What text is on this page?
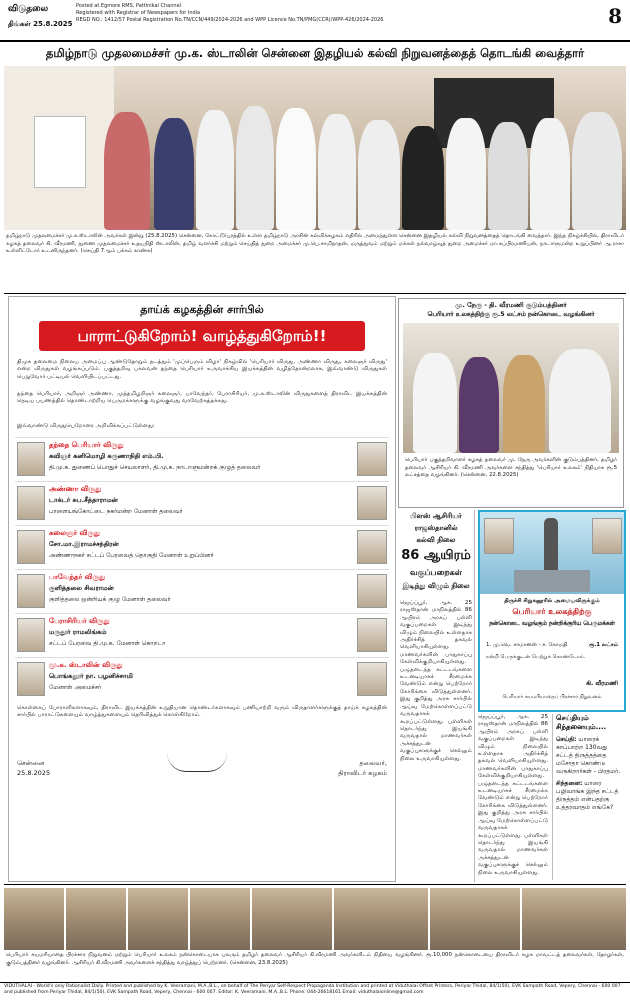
விடுதலை
திங்கள் 25.8.2025
Posted at Egmore RMS, Pattinikai Channel
Registered with Registrar of Newspapers for India
REGD NO.: 1412/57 Postal Registration No.TN/CCN/449/2024-2026 and WPP Licence No.TN/PMG(CCR)/WPP-426/2024-2026	8
தமிழ்நாடு முதலமைச்சர் மு.க. ஸ்டாலின் சென்னை இதழியல் கல்வி நிறுவனத்தைத் தொடங்கி வைத்தார்
தமிழ்நாடு முதலமைச்சர் மு.க.ஸ்டாலின் அவர்கள் இன்று (25.8.2025) சென்னை, கோட்டூர்புரத்தில் உள்ள தமிழ்நாடு அரசின் கல்விக்கழகம் எதிரில் அமைந்துள்ள சென்னை இதழியல் கல்வி நிறுவனத்தைத் தொடங்கி வைத்தார். இந்த நிகழ்ச்சியில், திராவிடர் கழகத் தலைவர் கி. வீரமணி, துணை முதலமைச்சர் உதயநிதி ஸ்டாலின், தமிழ் வளர்ச்சி மற்றும் செய்தித் துறை அமைச்சர் மு.பெ.சாமிநாதன், மருத்துவம் மற்றும் மக்கள் நல்வாழ்வுத் துறை அமைச்சர் மா.சுப்பிரமணியன், நாடாளுமன்ற உறுப்பினர் ஆ.ராசா உள்ளிட்டோர் உடனிருந்தனர். (செய்தி 7ஆம் பக்கம் காண்க)
தாய்க் கழகத்தின் சார்பில்
பாராட்டுகிறோம்! வாழ்த்துகிறோம்!!
திமுக தலைமை நிலைய அமைப்பு ஆண்டுதோறும் நடத்தும் 'முப்பெரும் விழா' நிகழ்வில் 'பெரியார் விருது, அண்ணா விருது, கலைஞர் விருது' என்ற விருதுகள் வழங்கப்படும். பகுத்தறிவு பகலவன் தந்தை பெரியார் உருவாக்கிய இயக்கத்தின் வழித்தோன்றலாக, இவ்வாண்டு விருதுகள் பெறுவோர் பட்டியல் வெளியிடப்பட்டது.
தந்தை பெரியார், அறிஞர் அண்ணா, முத்தமிழறிஞர் கலைஞர், பாவேந்தர், பேராசிரியர், மு.க.ஸ்டாலின் விருதுகளைத் திராவிட இயக்கத்தின் நெடிய பயணத்தில் தொண்டாற்றிய பெருமக்களுக்கு வழங்குவது வரவேற்கத்தக்கது.
இவ்வாண்டு விருதுபெறோரை அறிவிக்கப்பட்டுள்ளது:
தந்தை பெரியார் விருது
கவிஞர் கனிமொழி கருணாநிதி எம்.பி.
தி.மு.க. துணைப் பொதுச் செயலாளர், தி.மு.க. நாடாளுமன்றக் குழுத் தலைவர்
அண்ணா விருது
டாக்டர் சுப.சீத்தாராமன்
பாளையங்கோட்டை நகர்மன்ற மேனாள் தலைவர்
கலைஞர் விருது
சோ.மா.இராமச்சந்திரன்
அண்ணாநகர் சட்டப் பேரவைத் தொகுதி மேனாள் உறுப்பினர்
பாவேந்தர் விருது
குளித்தலை சிவராமன்
குளித்தலை ஒன்றியக் குழு மேனாள் தலைவர்
பேராசிரியர் விருது
மருதூர் ராமலிங்கம்
சட்டப் பேரவை தி.மு.க. மேனாள் கொறடா
மு.க. ஸ்டாலின் விருது
பொங்கலூர் நா. பழனிச்சாமி
மேனாள் அமைச்சர்
கொள்கைப் போராளிகளாகவும், திராவிட இயக்கத்தின் உறுதியான தொண்டர்களாகவும் பணியாற்றி வரும் விருதாளர்களுக்குத் தாய்க் கழகத்தின் சார்பில் பாராட்டுகளையும் வாழ்த்துகளையும் தெரிவித்துக் கொள்கிறோம்.
சென்னை
25.8.2025
தலைவர்,
திராவிடர் கழகம்
மு. நேரு - தி. வீரமணி குடும்பத்தினர்
பெரியார் உலகத்திற்கு ரூ.5 லட்சம் நன்கொடை வழங்கினர்
பெரியார் பகுத்தறிவாளர் கழகத் தலைவர் மு. நேரு அவர்களின் குடும்பத்தினர், தமிழர் தலைவர் ஆசிரியர் கி. வீரமணி அவர்களை சந்தித்து 'பெரியார் உலகம்' நிதியாக ரூ.5 லட்சத்தை வழங்கினர். (சென்னை, 22.8.2025)
பிளஸ் ஆசிரியர்
ராஜஸ்தானில்
கல்வி நிலை
86 ஆயிரம்
வகுப்பறைகள்
இடிந்து விழும் நிலை
ஜெய்ப்பூர், ஆக. 25 ராஜஸ்தான் மாநிலத்தில் 86 ஆயிரம் அரசுப் பள்ளி வகுப்பறைகள் இடிந்து விழும் நிலையில் உள்ளதாக அதிர்ச்சித் தகவல் வெளியாகியுள்ளது. மாணவர்களின் பாதுகாப்பு கேள்விக்குறியாகியுள்ளது. பழுதடைந்த கட்டடங்களை உடனடியாகச் சீரமைக்க வேண்டும் என்று பெற்றோர் கோரிக்கை விடுத்துள்ளனர். இது குறித்து அரசு சார்பில் ஆய்வு மேற்கொள்ளப்பட்டு வருவதாகக் கூறப்பட்டுள்ளது. பள்ளிகள் தொடர்ந்து இயங்கி வருவதால் மாணவர்கள் அச்சத்துடன் வகுப்புகளுக்குச் செல்லும் நிலை உருவாகியுள்ளது.
திருச்சி சிறுகனூரில் அமையவிருக்கும்
பெரியார் உலகத்திற்கு
நன்கொடை வழங்கும் நன்றிக்குரிய பெருமக்கள்
1. மு.வெ. சாமானன் - ச. கோமதி	ரூ.1 லட்சம்
நன்றி பெருக்குடன் பெற்றுக் கொண்டோம்.
கி. வீரமணி
பெரியார் சுயமரியாதைப் பிரச்சார நிறுவனம்
ஜெய்ப்பூர், ஆக. 25 ராஜஸ்தான் மாநிலத்தில் 86 ஆயிரம் அரசுப் பள்ளி வகுப்பறைகள் இடிந்து விழும் நிலையில் உள்ளதாக அதிர்ச்சித் தகவல் வெளியாகியுள்ளது. மாணவர்களின் பாதுகாப்பு கேள்விக்குறியாகியுள்ளது. பழுதடைந்த கட்டடங்களை உடனடியாகச் சீரமைக்க வேண்டும் என்று பெற்றோர் கோரிக்கை விடுத்துள்ளனர். இது குறித்து அரசு சார்பில் ஆய்வு மேற்கொள்ளப்பட்டு வருவதாகக் கூறப்பட்டுள்ளது. பள்ளிகள் தொடர்ந்து இயங்கி வருவதால் மாணவர்கள் அச்சத்துடன் வகுப்புகளுக்குச் செல்லும் நிலை உருவாகியுள்ளது.
செய்தியும் சிந்தனையும்....
செய்தி: யாரைக் காப்பாற்ற 130வது சட்டத் திருத்தத்தை மசோதா கொண்டு வருகிறார்கள் - பிரதமர்.
சிந்தனை: யாரை பழிவாங்க இந்த சட்டத் திருத்தம் என்பதற்கு உத்தரவாதம் எங்கே?
பெரியார் சுயமரியாதை பிரச்சார நிறுவனம் மற்றும் பெரியார் உலகம் நன்கொடையாக பலரும் தமிழர் தலைவர் ஆசிரியர் கி.வீரமணி அவர்களிடம் நிதியை வழங்கினர். ரூ.10,000 நன்கொடையை திராவிடர் கழக மாவட்டத் தலைவர்கள், தோழர்கள், குடும்பத்தினர் வழங்கினர். ஆசிரியர் கி.வீரமணி அவர்களைச் சந்தித்து வாழ்த்துப் பெற்றனர். (சென்னை, 23.8.2025)
VIDUTHALAI - World's only Rationalist Daily. Printed and published by K. Veeramani, M.A.,B.L., on behalf of The Periyar Self-Respect Propaganda Institution and printed at Viduthalai Offset Printers, Periyar Thidal, 84/1(50), EVK Sampath Road, Vepery, Chennai - 600 007 and published from Periyar Thidal, 84/1(50), EVK Sampath Road, Vepery, Chennai - 600 007. Editor: K. Veeramani, M.A.,B.L. Phone: 044-26618161 Email: viduthalaionline@gmail.com
